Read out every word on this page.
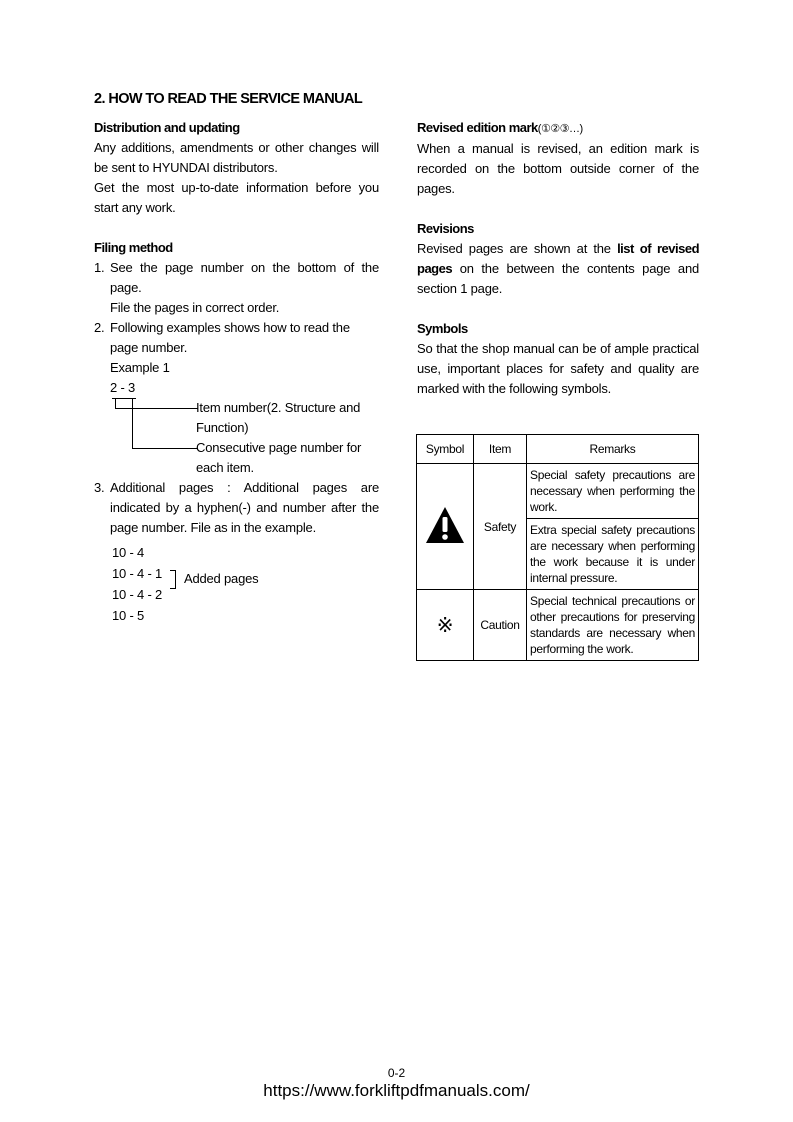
2. HOW TO READ THE SERVICE MANUAL
Distribution and updating
Any additions, amendments or other changes will be sent to HYUNDAI distributors.
Get the most up-to-date information before you start any work.
Filing method
1. See the page number on the bottom of the page.
File the pages in correct order.
2. Following examples shows how to read the page number.
Example 1
2 - 3
Item number(2. Structure and Function)
Consecutive page number for each item.
3. Additional pages : Additional pages are indicated by a hyphen(-) and number after the page number. File as in the example.
10 - 4
10 - 4 - 1
10 - 4 - 2
10 - 5
Added pages
Revised edition mark(①②③…)
When a manual is revised, an edition mark is recorded on the bottom outside corner of the pages.
Revisions
Revised pages are shown at the list of revised pages on the between the contents page and section 1 page.
Symbols
So that the shop manual can be of ample practical use, important places for safety and quality are marked with the following symbols.
Symbol	Item	Remarks
	Safety	Special safety precautions are necessary when performing the work.
		Extra special safety precautions are necessary when performing the work because it is under internal pressure.
※	Caution	Special technical precautions or other precautions for preserving standards are necessary when performing the work.
0-2
https://www.forkliftpdfmanuals.com/
